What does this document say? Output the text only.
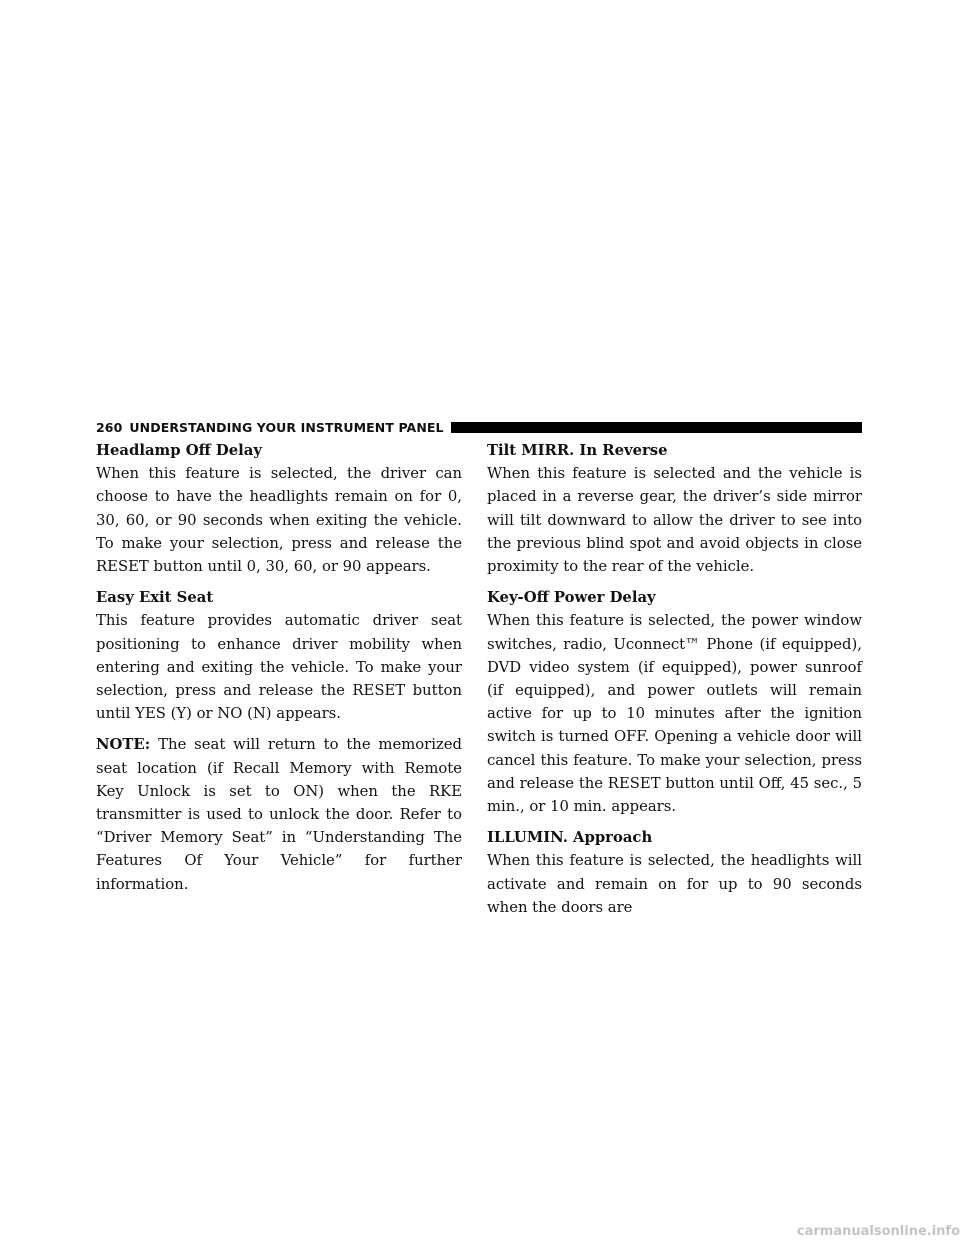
260 UNDERSTANDING YOUR INSTRUMENT PANEL

Headlamp Off Delay

When this feature is selected, the driver can choose to have the headlights remain on for 0, 30, 60, or 90 seconds when exiting the vehicle. To make your selection, press and release the RESET button until 0, 30, 60, or 90 appears.

Easy Exit Seat

This feature provides automatic driver seat positioning to enhance driver mobility when entering and exiting the vehicle. To make your selection, press and release the RESET button until YES (Y) or NO (N) appears.

NOTE: The seat will return to the memorized seat location (if Recall Memory with Remote Key Unlock is set to ON) when the RKE transmitter is used to unlock the door. Refer to “Driver Memory Seat” in “Understanding The Features Of Your Vehicle” for further information.

Tilt MIRR. In Reverse

When this feature is selected and the vehicle is placed in a reverse gear, the driver’s side mirror will tilt downward to allow the driver to see into the previous blind spot and avoid objects in close proximity to the rear of the vehicle.

Key-Off Power Delay

When this feature is selected, the power window switches, radio, Uconnect™ Phone (if equipped), DVD video system (if equipped), power sunroof (if equipped), and power outlets will remain active for up to 10 minutes after the ignition switch is turned OFF. Opening a vehicle door will cancel this feature. To make your selection, press and release the RESET button until Off, 45 sec., 5 min., or 10 min. appears.

ILLUMIN. Approach

When this feature is selected, the headlights will activate and remain on for up to 90 seconds when the doors are

carmanualsonline.info
